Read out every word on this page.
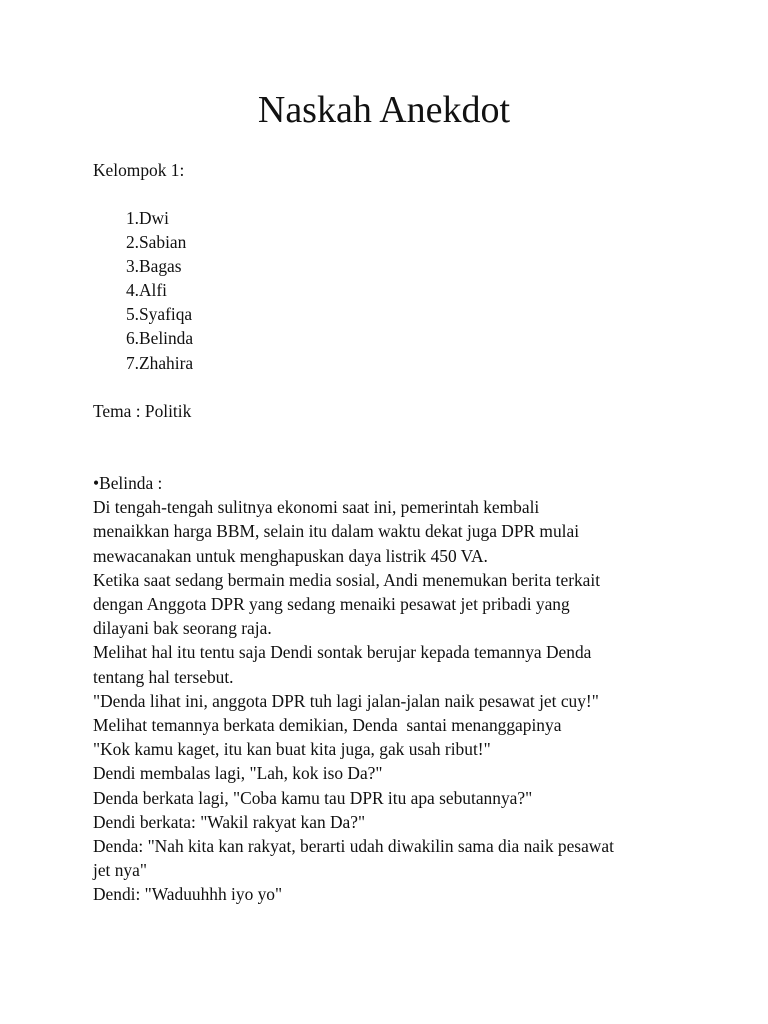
Naskah Anekdot

Kelompok 1:

1. Dwi
2. Sabian
3. Bagas
4. Alfi
5. Syafiqa
6. Belinda
7. Zhahira

Tema : Politik

•Belinda :

Di tengah-tengah sulitnya ekonomi saat ini, pemerintah kembali

menaikkan harga BBM, selain itu dalam waktu dekat juga DPR mulai

mewacanakan untuk menghapuskan daya listrik 450 VA.

Ketika saat sedang bermain media sosial, Andi menemukan berita terkait

dengan Anggota DPR yang sedang menaiki pesawat jet pribadi yang

dilayani bak seorang raja.

Melihat hal itu tentu saja Dendi sontak berujar kepada temannya Denda

tentang hal tersebut.

"Denda lihat ini, anggota DPR tuh lagi jalan-jalan naik pesawat jet cuy!"

Melihat temannya berkata demikian, Denda  santai menanggapinya

"Kok kamu kaget, itu kan buat kita juga, gak usah ribut!"

Dendi membalas lagi, "Lah, kok iso Da?"

Denda berkata lagi, "Coba kamu tau DPR itu apa sebutannya?"

Dendi berkata: "Wakil rakyat kan Da?"

Denda: "Nah kita kan rakyat, berarti udah diwakilin sama dia naik pesawat

jet nya"

Dendi: "Waduuhhh iyo yo"
